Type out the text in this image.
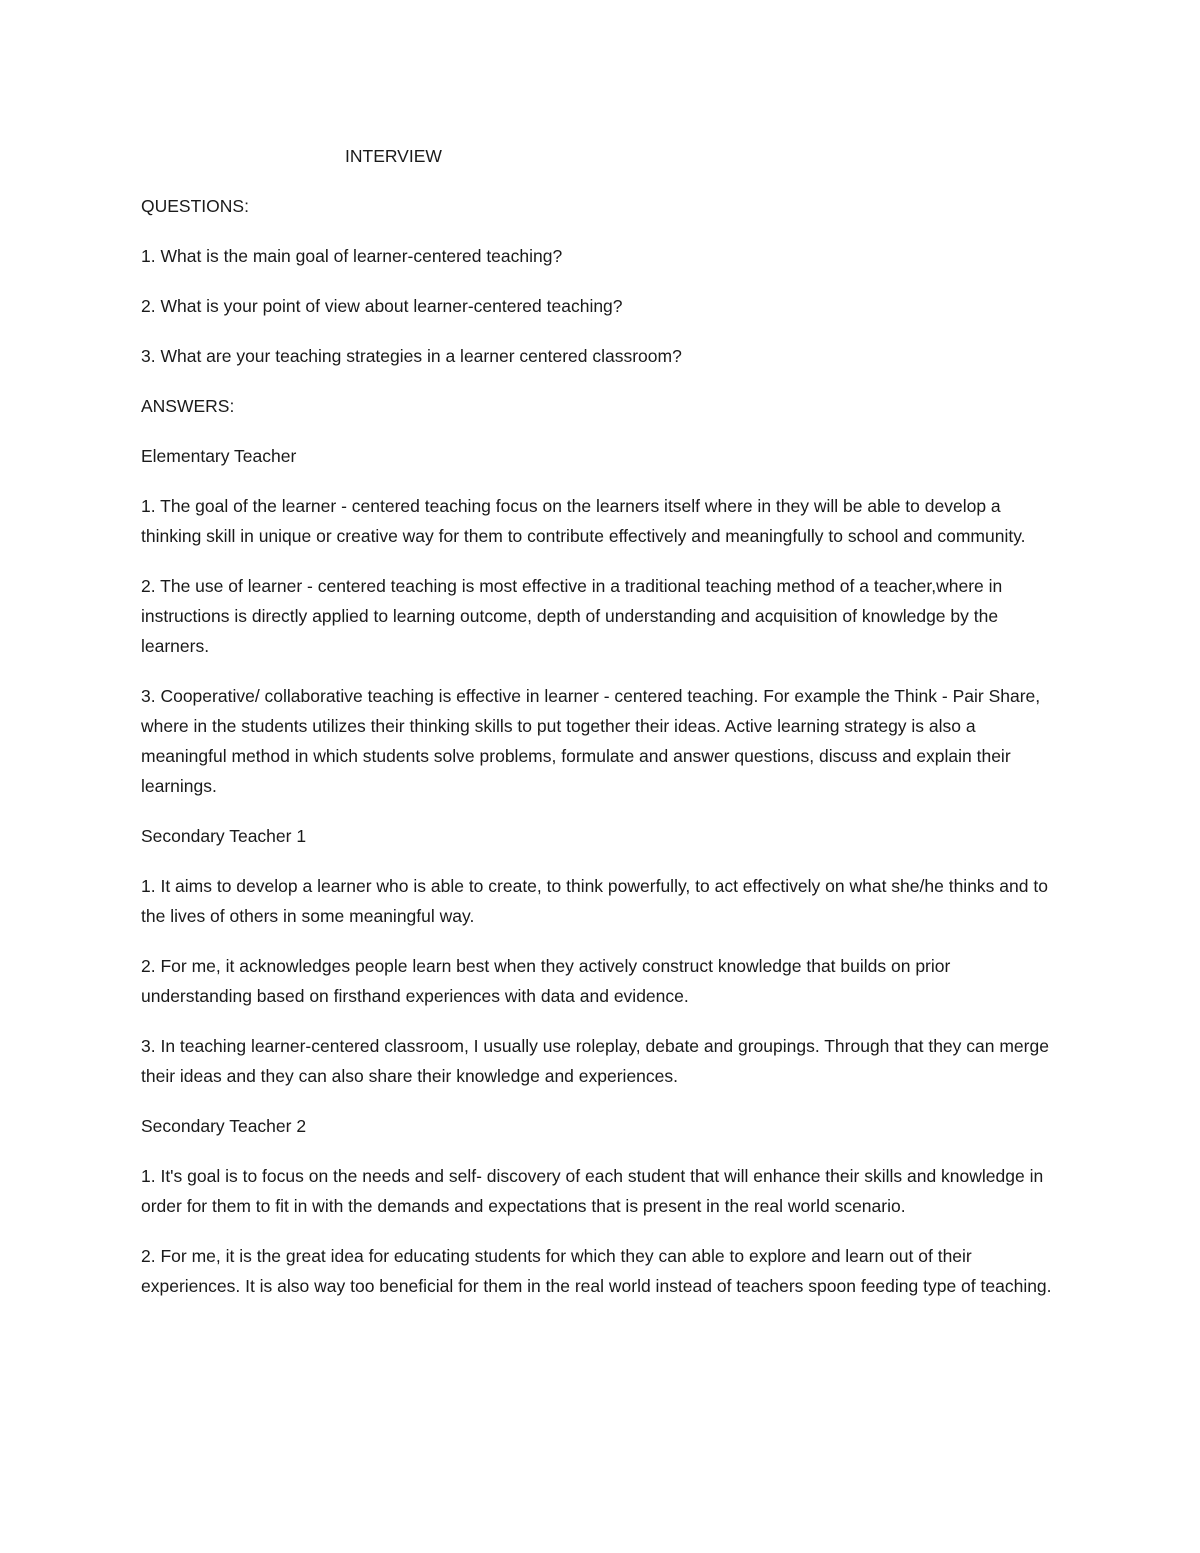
INTERVIEW
QUESTIONS:
1. What is the main goal of learner-centered teaching?
2. What is your point of view about learner-centered teaching?
3. What are your teaching strategies in a learner centered classroom?
ANSWERS:
Elementary Teacher
1. The goal of the learner - centered teaching focus on the learners itself where in they will be able to develop a thinking skill in unique or creative way for them to contribute effectively and meaningfully to school and community.
2. The use of learner - centered teaching is most effective in a traditional teaching method of a teacher,where in instructions is directly applied to learning outcome, depth of understanding and acquisition of knowledge by the learners.
3. Cooperative/ collaborative teaching is effective in learner - centered teaching. For example the Think - Pair Share, where in the students utilizes their thinking skills to put together their ideas. Active learning strategy is also a meaningful method in which students solve problems, formulate and answer questions, discuss and explain their learnings.
Secondary Teacher 1
1. It aims to develop a learner who is able to create, to think powerfully, to act effectively on what she/he thinks and to the lives of others in some meaningful way.
2. For me, it acknowledges people learn best when they actively construct knowledge that builds on prior understanding based on firsthand experiences with data and evidence.
3. In teaching learner-centered classroom, I usually use roleplay, debate and groupings. Through that they can merge their ideas and they can also share their knowledge and experiences.
Secondary Teacher 2
1. It's goal is to focus on the needs and self- discovery of each student that will enhance their skills and knowledge in order for them to fit in with the demands and expectations that is present in the real world scenario.
2. For me, it is the great idea for educating students for which they can able to explore and learn out of their experiences. It is also way too beneficial for them in the real world instead of teachers spoon feeding type of teaching.
